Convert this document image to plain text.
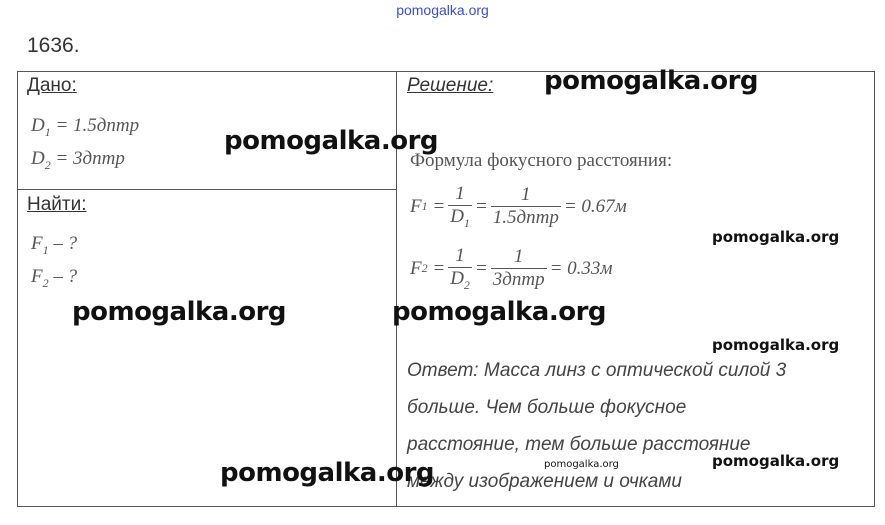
pomogalka.org
1636.
Дано:
$D_1$ = 1.5дптр
$D_2$ = 3дптр
Найти:
$F_1$ – ?
$F_2$ – ?
Решение:
Формула фокусного расстояния:
F $1 = \frac{1}{D_1} = \frac{1}{\text{1.5дптр}} = 0.67м$
F $2 = \frac{1}{D_2} = \frac{1}{\text{3дптр}} = 0.33м$
Ответ: Масса линз с оптической силой 3
больше. Чем больше фокусное
расстояние, тем больше расстояние
между изображением и очками
pomogalka.org
pomogalka.org
pomogalka.org	pomogalka.org
pomogalka.org
pomogalka.org
pomogalka.org
pomogalka.org
pomogalka.org
